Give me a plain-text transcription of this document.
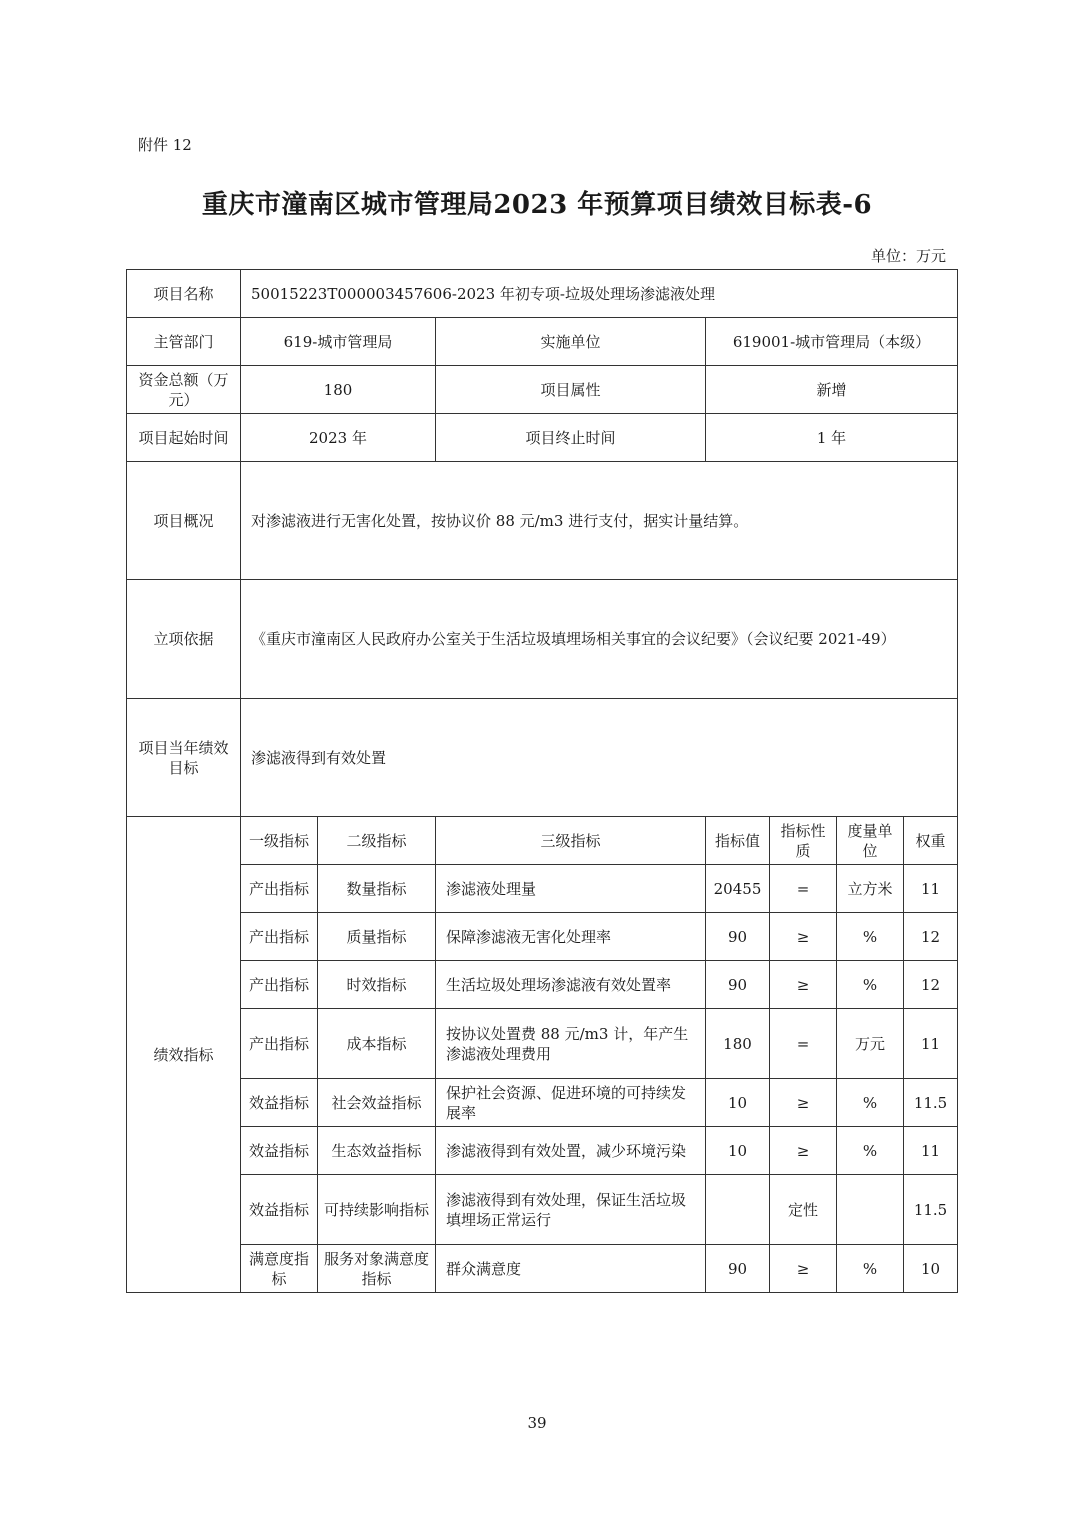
附件 12
重庆市潼南区城市管理局2023 年预算项目绩效目标表-6
单位：万元
项目名称	50015223T000003457606-2023 年初专项-垃圾处理场渗滤液处理						
主管部门	619-城市管理局		实施单位	619001-城市管理局（本级）			
资金总额（万元）	180		项目属性	新增			
项目起始时间	2023 年		项目终止时间	1 年			
项目概况	对渗滤液进行无害化处置，按协议价 88 元/m3 进行支付，据实计量结算。						
立项依据	《重庆市潼南区人民政府办公室关于生活垃圾填埋场相关事宜的会议纪要》（会议纪要 2021-49）						
项目当年绩效目标	渗滤液得到有效处置						
绩效指标	一级指标	二级指标	三级指标	指标值	指标性质	度量单位	权重
	产出指标	数量指标	渗滤液处理量	20455	=	立方米	11
	产出指标	质量指标	保障渗滤液无害化处理率	90	≥	%	12
	产出指标	时效指标	生活垃圾处理场渗滤液有效处置率	90	≥	%	12
	产出指标	成本指标	按协议处置费 88 元/m3 计，年产生渗滤液处理费用	180	=	万元	11
	效益指标	社会效益指标	保护社会资源、促进环境的可持续发展率	10	≥	%	11.5
	效益指标	生态效益指标	渗滤液得到有效处置，减少环境污染	10	≥	%	11
	效益指标	可持续影响指标	渗滤液得到有效处理，保证生活垃圾填埋场正常运行		定性		11.5
	满意度指标	服务对象满意度指标	群众满意度	90	≥	%	10
39
